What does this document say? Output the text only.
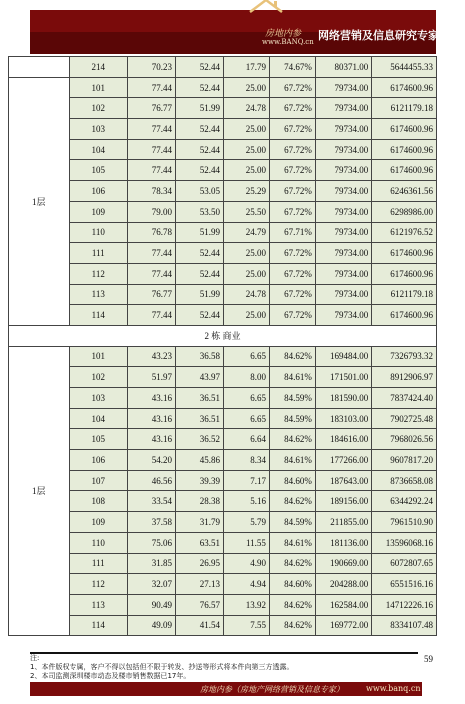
房地内参
www.BANQ.cn 网络营销及信息研究专家
	214	70.23	52.44	17.79	74.67%	80371.00	5644455.33
1层	101	77.44	52.44	25.00	67.72%	79734.00	6174600.96
	102	76.77	51.99	24.78	67.72%	79734.00	6121179.18
	103	77.44	52.44	25.00	67.72%	79734.00	6174600.96
	104	77.44	52.44	25.00	67.72%	79734.00	6174600.96
	105	77.44	52.44	25.00	67.72%	79734.00	6174600.96
	106	78.34	53.05	25.29	67.72%	79734.00	6246361.56
	109	79.00	53.50	25.50	67.72%	79734.00	6298986.00
	110	76.78	51.99	24.79	67.71%	79734.00	6121976.52
	111	77.44	52.44	25.00	67.72%	79734.00	6174600.96
	112	77.44	52.44	25.00	67.72%	79734.00	6174600.96
	113	76.77	51.99	24.78	67.72%	79734.00	6121179.18
	114	77.44	52.44	25.00	67.72%	79734.00	6174600.96
2 栋 商业							
1层	101	43.23	36.58	6.65	84.62%	169484.00	7326793.32
	102	51.97	43.97	8.00	84.61%	171501.00	8912906.97
	103	43.16	36.51	6.65	84.59%	181590.00	7837424.40
	104	43.16	36.51	6.65	84.59%	183103.00	7902725.48
	105	43.16	36.52	6.64	84.62%	184616.00	7968026.56
	106	54.20	45.86	8.34	84.61%	177266.00	9607817.20
	107	46.56	39.39	7.17	84.60%	187643.00	8736658.08
	108	33.54	28.38	5.16	84.62%	189156.00	6344292.24
	109	37.58	31.79	5.79	84.59%	211855.00	7961510.90
	110	75.06	63.51	11.55	84.61%	181136.00	13596068.16
	111	31.85	26.95	4.90	84.62%	190669.00	6072807.65
	112	32.07	27.13	4.94	84.60%	204288.00	6551516.16
	113	90.49	76.57	13.92	84.62%	162584.00	14712226.16
	114	49.09	41.54	7.55	84.62%	169772.00	8334107.48
注:
1、本件版权专属，客户不得以包括但不限于转发、抄送等形式将本件向第三方透露。
2、本司监测深圳楼市动态及楼市销售数据已17年。
59
房地内参（房地产网络营销及信息专家）	www.banq.cn
